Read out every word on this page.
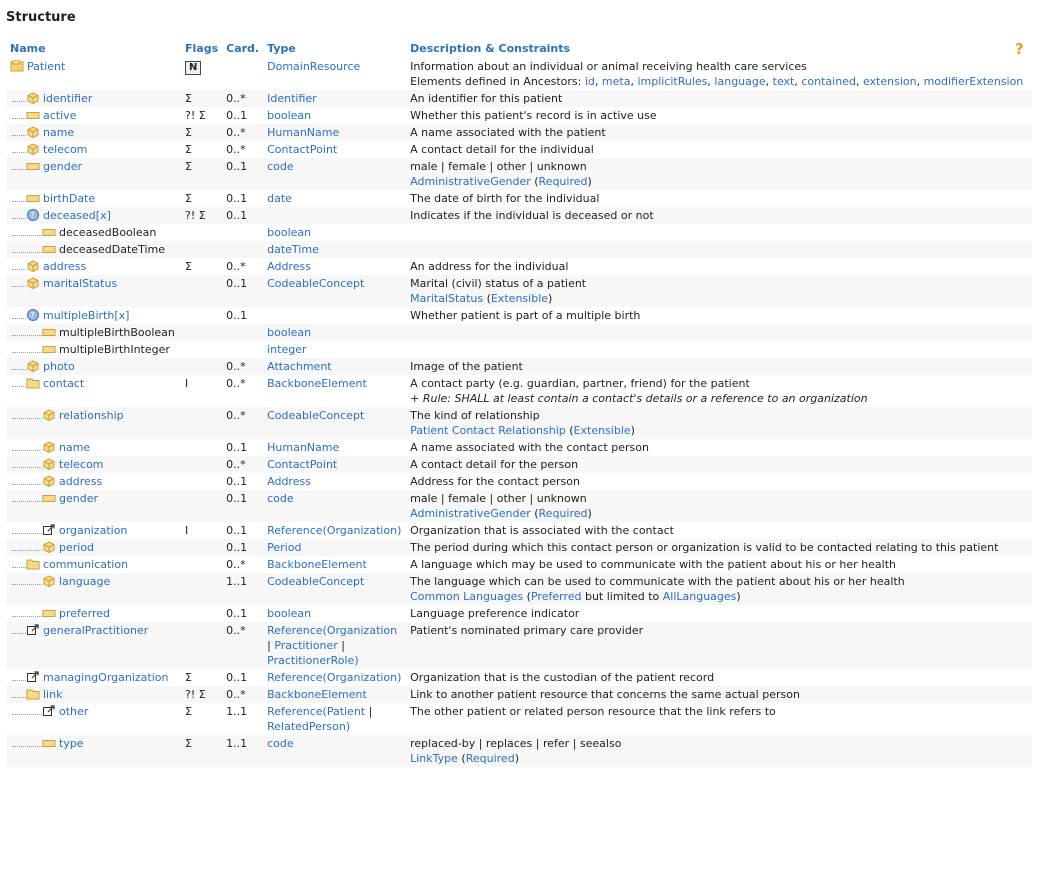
Structure
Name	Flags	Card.	Type	Description & Constraints ?

Patient	N		DomainResource	Information about an individual or animal receiving health care services
Elements defined in Ancestors: id, meta, implicitRules, language, text, contained, extension, modifierExtension

identifier	Σ	0..*	Identifier	An identifier for this patient

active	?! Σ	0..1	boolean	Whether this patient's record is in active use

name	Σ	0..*	HumanName	A name associated with the patient

telecom	Σ	0..*	ContactPoint	A contact detail for the individual

gender	Σ	0..1	code	male | female | other | unknown
AdministrativeGender (Required)

birthDate	Σ	0..1	date	The date of birth for the individual

? deceased[x]	?! Σ	0..1		Indicates if the individual is deceased or not

deceasedBoolean			boolean	
deceasedDateTime			dateTime	
address	Σ	0..*	Address	An address for the individual

maritalStatus		0..1	CodeableConcept	Marital (civil) status of a patient
MaritalStatus (Extensible)

? multipleBirth[x]		0..1		Whether patient is part of a multiple birth

multipleBirthBoolean			boolean	
multipleBirthInteger			integer	
photo		0..*	Attachment	Image of the patient

contact	I	0..*	BackboneElement	A contact party (e.g. guardian, partner, friend) for the patient
+ Rule: SHALL at least contain a contact's details or a reference to an organization

relationship		0..*	CodeableConcept	The kind of relationship
Patient Contact Relationship (Extensible)

name		0..1	HumanName	A name associated with the contact person

telecom		0..*	ContactPoint	A contact detail for the person

address		0..1	Address	Address for the contact person

gender		0..1	code	male | female | other | unknown
AdministrativeGender (Required)

organization	I	0..1	Reference(Organization)	Organization that is associated with the contact

period		0..1	Period	The period during which this contact person or organization is valid to be contacted relating to this patient

communication		0..*	BackboneElement	A language which may be used to communicate with the patient about his or her health

language		1..1	CodeableConcept	The language which can be used to communicate with the patient about his or her health
Common Languages (Preferred but limited to AllLanguages)

preferred		0..1	boolean	Language preference indicator

generalPractitioner		0..*	Reference(Organization
| Practitioner |
PractitionerRole)	Patient's nominated primary care provider

managingOrganization	Σ	0..1	Reference(Organization)	Organization that is the custodian of the patient record

link	?! Σ	0..*	BackboneElement	Link to another patient resource that concerns the same actual person

other	Σ	1..1	Reference(Patient |
RelatedPerson)	The other patient or related person resource that the link refers to

type	Σ	1..1	code	replaced-by | replaces | refer | seealso
LinkType (Required)
